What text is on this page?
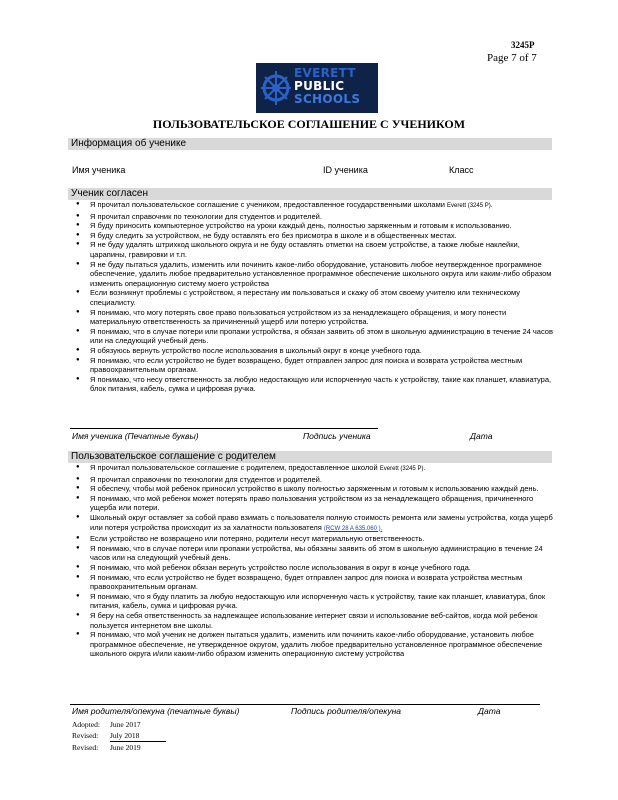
3245P
Page 7 of 7
EVERETT
PUBLIC
SCHOOLS
ПОЛЬЗОВАТЕЛЬСКОЕ СОГЛАШЕНИЕ С УЧЕНИКОМ
Информация об ученике
Имя ученика	ID ученика	Класс
Ученик согласен
● Я прочитал пользовательское соглашение с учеником, предоставленное государственными школами Everett (3245 P).
● Я прочитал справочник по технологии для студентов и родителей.
● Я буду приносить компьютерное устройство на уроки каждый день, полностью заряженным и готовым к использованию.
● Я буду следить за устройством, не буду оставлять его без присмотра в школе и в общественных местах.
● Я не буду удалять штрихкод школьного округа и не буду оставлять отметки на своем устройстве, а также любые наклейки, царапины, гравировки и т.п.
● Я не буду пытаться удалить, изменить или починить какое-либо оборудование, установить любое неутвержденное программное обеспечение, удалить любое предварительно установленное программное обеспечение школьного округа или каким-либо образом изменить операционную систему моего устройства
● Если возникнут проблемы с устройством, я перестану им пользоваться и скажу об этом своему учителю или техническому специалисту.
● Я понимаю, что могу потерять свое право пользоваться устройством из за ненадлежащего обращения, и могу понести материальную ответственность за причиненный ущерб или потерю устройства.
● Я понимаю, что в случае потери или пропажи устройства, я обязан заявить об этом в школьную администрацию в течение 24 часов или на следующий учебный день.
● Я обязуюсь вернуть устройство после использования в школьный округ в конце учебного года.
● Я понимаю, что если устройство не будет возвращено, будет отправлен запрос для поиска и возврата устройства местным правоохранительным органам.
● Я понимаю, что несу ответственность за любую недостающую или испорченную часть к устройству, такие как планшет, клавиатура, блок питания, кабель, сумка и цифровая ручка.
Имя ученика (Печатные буквы)	Подпись ученика	Дата
Пользовательское соглашение с родителем
● Я прочитал пользовательское соглашение с родителем, предоставленное школой Everett (3245 P).
● Я прочитал справочник по технологии для студентов и родителей.
● Я обеспечу, чтобы мой ребенок приносил устройство в школу полностью заряженным и готовым к использованию каждый день.
● Я понимаю, что мой ребенок может потерять право пользования устройством из за ненадлежащего обращения, причиненного ущерба или потери.
● Школьный округ оставляет за собой право взимать с пользователя полную стоимость ремонта или замены устройства, когда ущерб или потеря устройства происходит из за халатности пользователя (RCW 28 A 635.060 ).
● Если устройство не возвращено или потеряно, родители несут материальную ответственность.
● Я понимаю, что в случае потери или пропажи устройства, мы обязаны заявить об этом в школьную администрацию в течение 24 часов или на следующий учебный день.
● Я понимаю, что мой ребенок обязан вернуть устройство после использования в округ в конце учебного года.
● Я понимаю, что если устройство не будет возвращено, будет отправлен запрос для поиска и возврата устройства местным правоохранительным органам.
● Я понимаю, что я буду платить за любую недостающую или испорченную часть к устройству, такие как планшет, клавиатура, блок питания, кабель, сумка и цифровая ручка.
● Я беру на себя ответственность за надлежащее использование интернет связи и использование веб-сайтов, когда мой ребенок пользуется интернетом вне школы.
● Я понимаю, что мой ученик не должен пытаться удалить, изменить или починить какое-либо оборудование, установить любое программное обеспечение, не утвержденное округом, удалить любое предварительно установленное программное обеспечение школьного округа и/или каким-либо образом изменить операционную систему устройства
Имя родителя/опекуна (печатные буквы)	Подпись родителя/опекуна	Дата
Adopted:	June 2017
Revised:	July 2018
Revised:	June 2019
